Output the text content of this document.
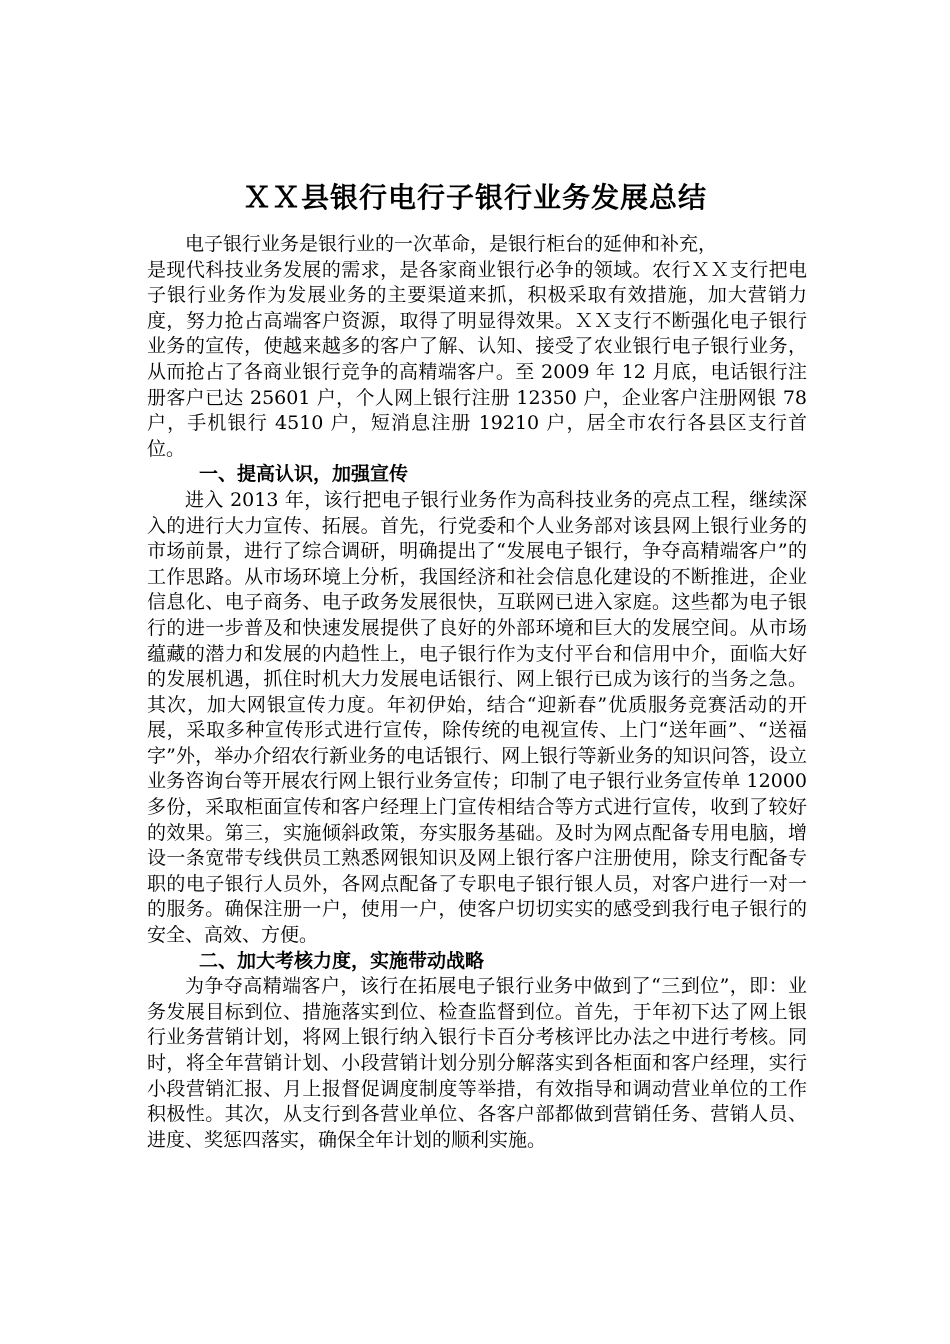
ＸＸ县银行电行子银行业务发展总结

电子银行业务是银行业的一次革命，是银行柜台的延伸和补充，

是现代科技业务发展的需求，是各家商业银行必争的领域。农行ＸＸ支行把电子银行业务作为发展业务的主要渠道来抓，积极采取有效措施，加大营销力度，努力抢占高端客户资源，取得了明显得效果。ＸＸ支行不断强化电子银行业务的宣传，使越来越多的客户了解、认知、接受了农业银行电子银行业务，从而抢占了各商业银行竞争的高精端客户。至 2009 年 12 月底，电话银行注册客户已达 25601 户，个人网上银行注册 12350 户，企业客户注册网银 78 户，手机银行 4510 户，短消息注册 19210 户，居全市农行各县区支行首位。

一、提高认识，加强宣传

进入 2013 年，该行把电子银行业务作为高科技业务的亮点工程，继续深入的进行大力宣传、拓展。首先，行党委和个人业务部对该县网上银行业务的市场前景，进行了综合调研，明确提出了“发展电子银行，争夺高精端客户”的工作思路。从市场环境上分析，我国经济和社会信息化建设的不断推进，企业信息化、电子商务、电子政务发展很快，互联网已进入家庭。这些都为电子银行的进一步普及和快速发展提供了良好的外部环境和巨大的发展空间。从市场蕴藏的潜力和发展的内趋性上，电子银行作为支付平台和信用中介，面临大好的发展机遇，抓住时机大力发展电话银行、网上银行已成为该行的当务之急。其次，加大网银宣传力度。年初伊始，结合“迎新春”优质服务竞赛活动的开展，采取多种宣传形式进行宣传，除传统的电视宣传、上门“送年画”、“送福字”外，举办介绍农行新业务的电话银行、网上银行等新业务的知识问答，设立业务咨询台等开展农行网上银行业务宣传；印制了电子银行业务宣传单 12000 多份，采取柜面宣传和客户经理上门宣传相结合等方式进行宣传，收到了较好的效果。第三，实施倾斜政策，夯实服务基础。及时为网点配备专用电脑，增设一条宽带专线供员工熟悉网银知识及网上银行客户注册使用，除支行配备专职的电子银行人员外，各网点配备了专职电子银行银人员，对客户进行一对一的服务。确保注册一户，使用一户，使客户切切实实的感受到我行电子银行的安全、高效、方便。

二、加大考核力度，实施带动战略

为争夺高精端客户，该行在拓展电子银行业务中做到了“三到位”，即：业务发展目标到位、措施落实到位、检查监督到位。首先，于年初下达了网上银行业务营销计划，将网上银行纳入银行卡百分考核评比办法之中进行考核。同时，将全年营销计划、小段营销计划分别分解落实到各柜面和客户经理，实行小段营销汇报、月上报督促调度制度等举措，有效指导和调动营业单位的工作积极性。其次，从支行到各营业单位、各客户部都做到营销任务、营销人员、进度、奖惩四落实，确保全年计划的顺利实施。
